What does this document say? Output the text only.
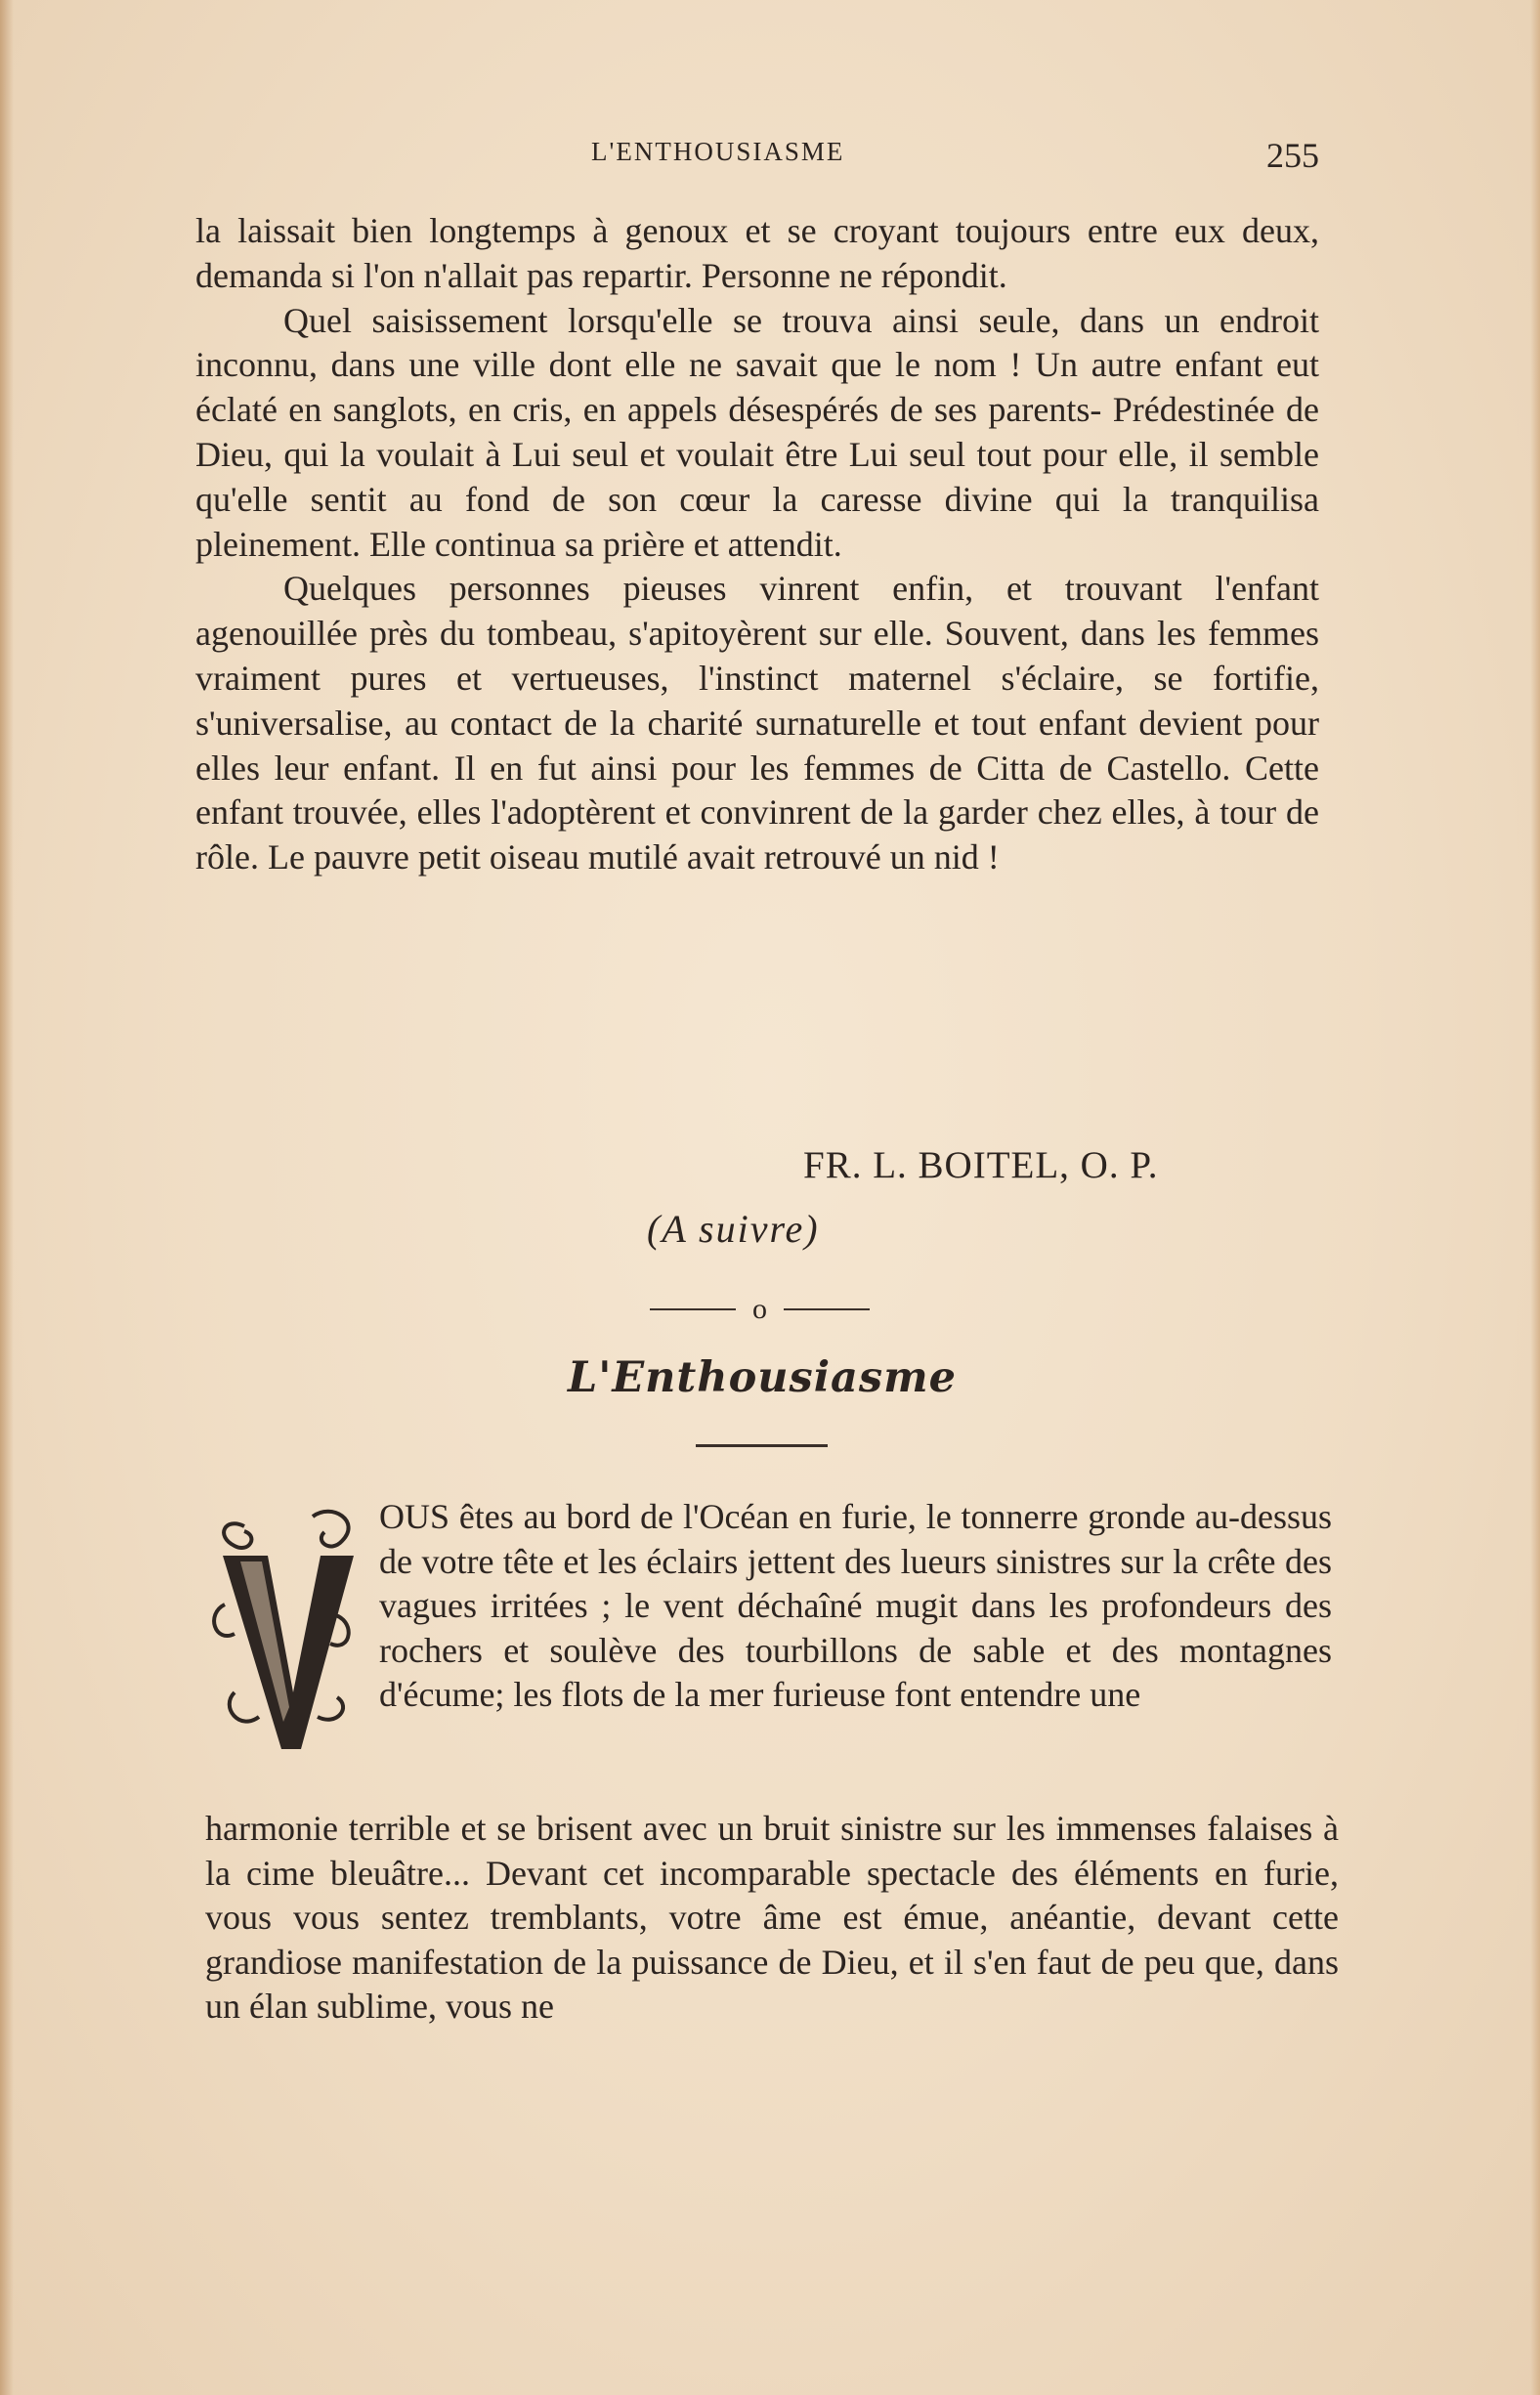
L'ENTHOUSIASME	255

la laissait bien longtemps à genoux et se croyant toujours entre eux deux, demanda si l'on n'allait pas repartir. Personne ne répondit.

Quel saisissement lorsqu'elle se trouva ainsi seule, dans un endroit inconnu, dans une ville dont elle ne savait que le nom ! Un autre enfant eut éclaté en sanglots, en cris, en appels désespérés de ses parents- Prédestinée de Dieu, qui la voulait à Lui seul et voulait être Lui seul tout pour elle, il semble qu'elle sentit au fond de son cœur la caresse divine qui la tranquilisa pleinement. Elle continua sa prière et attendit.

Quelques personnes pieuses vinrent enfin, et trouvant l'enfant agenouillée près du tombeau, s'apitoyèrent sur elle. Souvent, dans les femmes vraiment pures et vertueuses, l'instinct maternel s'éclaire, se fortifie, s'universalise, au contact de la charité surnaturelle et tout enfant devient pour elles leur enfant. Il en fut ainsi pour les femmes de Citta de Castello. Cette enfant trouvée, elles l'adoptèrent et convinrent de la garder chez elles, à tour de rôle. Le pauvre petit oiseau mutilé avait retrouvé un nid !

FR. L. BOITEL, O. P.
(A suivre)
o
L'Enthousiasme

OUS êtes au bord de l'Océan en furie, le tonnerre gronde au-dessus de votre tête et les éclairs jettent des lueurs sinistres sur la crête des vagues irritées ; le vent déchaîné mugit dans les profondeurs des rochers et soulève des tourbillons de sable et des montagnes d'écume; les flots de la mer furieuse font entendre une

harmonie terrible et se brisent avec un bruit sinistre sur les immenses falaises à la cime bleuâtre... Devant cet incomparable spectacle des éléments en furie, vous vous sentez tremblants, votre âme est émue, anéantie, devant cette grandiose manifestation de la puissance de Dieu, et il s'en faut de peu que, dans un élan sublime, vous ne
